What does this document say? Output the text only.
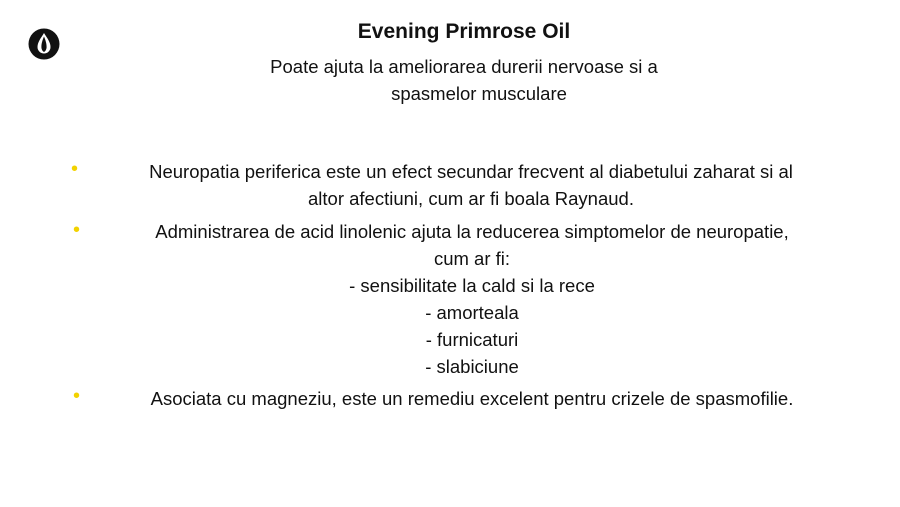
Evening Primrose Oil
Poate ajuta la ameliorarea durerii nervoase si a
spasmelor musculare
•
Neuropatia periferica este un efect secundar frecvent al diabetului zaharat si al
altor afectiuni, cum ar fi boala Raynaud.
•
Administrarea de acid linolenic ajuta la reducerea simptomelor de neuropatie,
cum ar fi:
- sensibilitate la cald si la rece
- amorteala
- furnicaturi
- slabiciune
•
Asociata cu magneziu, este un remediu excelent pentru crizele de spasmofilie.
